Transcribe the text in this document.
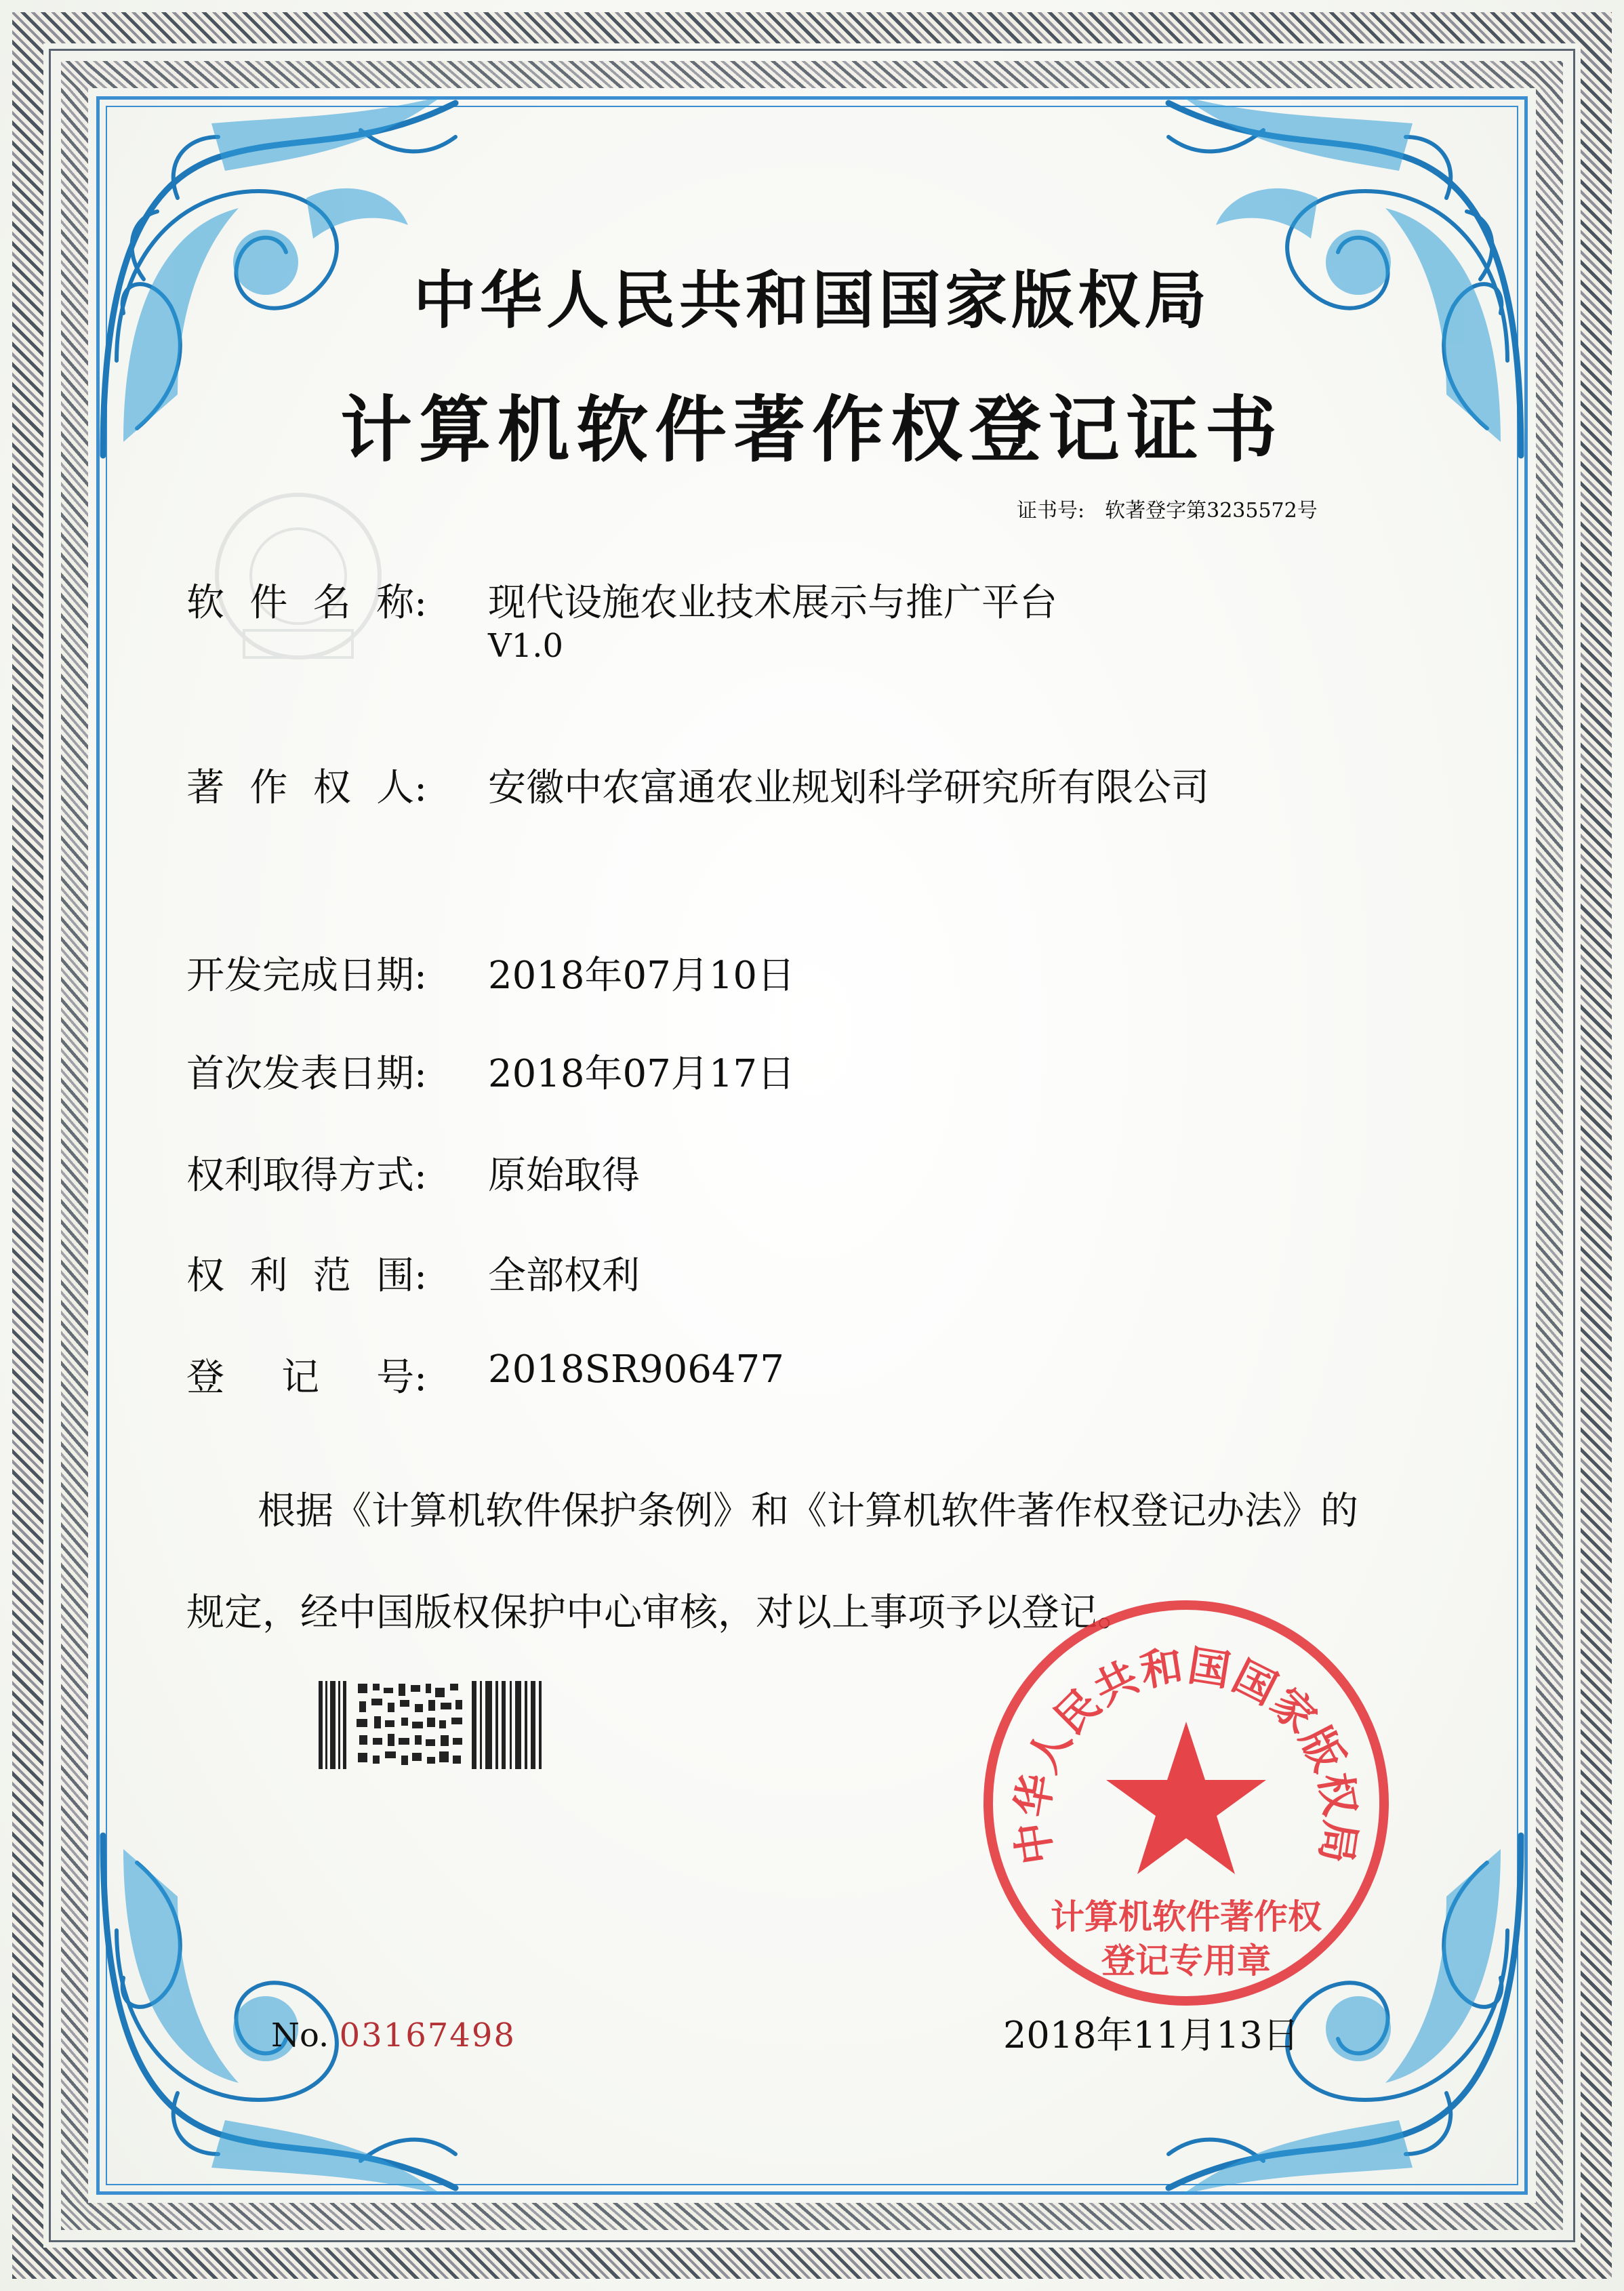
中华人民共和国国家版权局
计算机软件著作权登记证书
证书号: 软著登字第3235572号
软 件 名 称: 现代设施农业技术展示与推广平台
V1.0
著 作 权 人: 安徽中农富通农业规划科学研究所有限公司
开发完成日期: 2018年07月10日
首次发表日期: 2018年07月17日
权利取得方式: 原始取得
权 利 范 围: 全部权利
登 记 号: 2018SR906477
根据《计算机软件保护条例》和《计算机软件著作权登记办法》的
规定，经中国版权保护中心审核，对以上事项予以登记。
中华人民共和国国家版权局
计算机软件著作权
登记专用章
No. 03167498	2018年11月13日
